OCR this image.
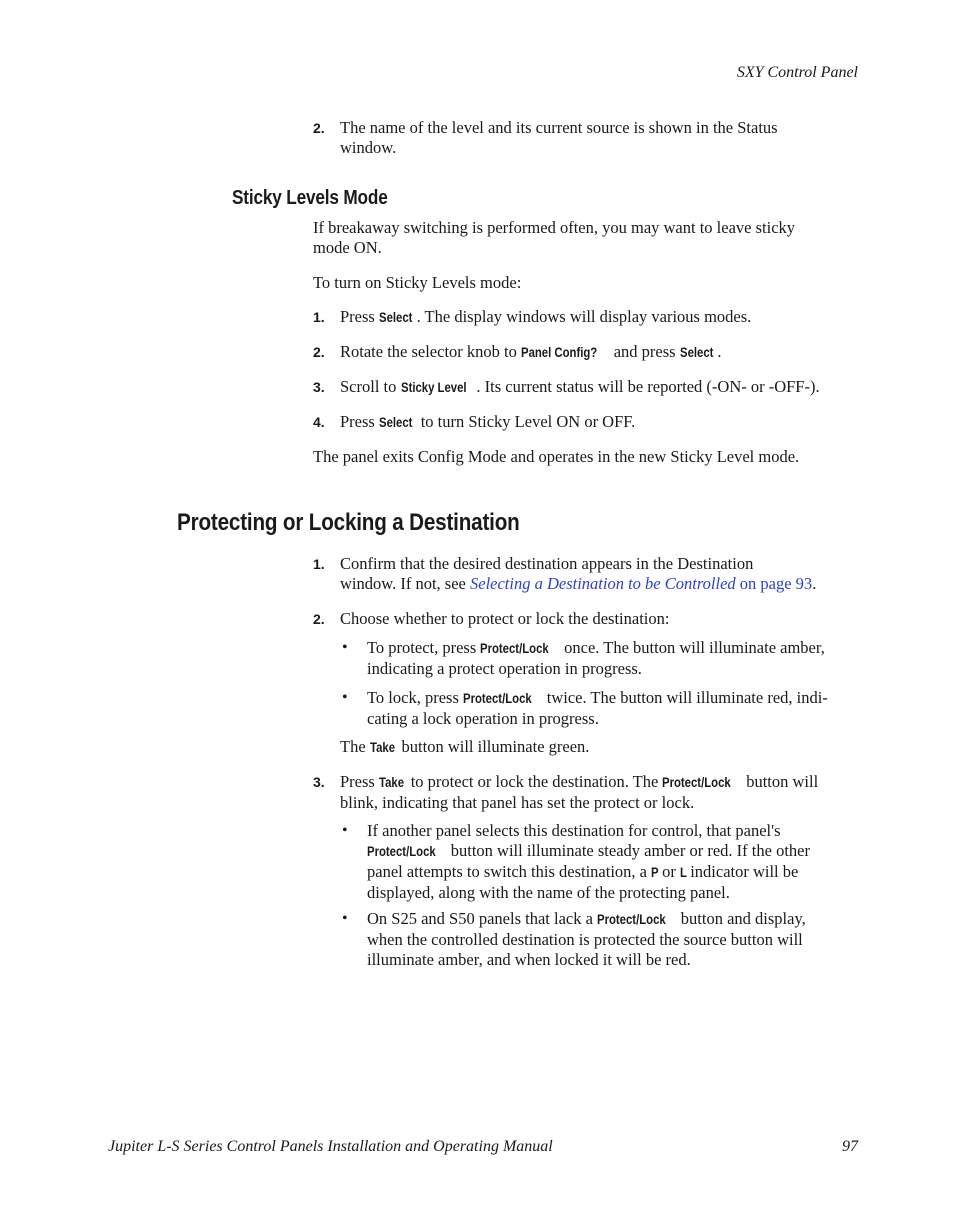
SXY Control Panel
2. The name of the level and its current source is shown in the Status
window.
Sticky Levels Mode
If breakaway switching is performed often, you may want to leave sticky
mode ON.
To turn on Sticky Levels mode:
1. Press Select . The display windows will display various modes.
2. Rotate the selector knob to Panel Config? and press Select .
3. Scroll to Sticky Level . Its current status will be reported (-ON- or -OFF-).
4. Press Select to turn Sticky Level ON or OFF.
The panel exits Config Mode and operates in the new Sticky Level mode.
Protecting or Locking a Destination
1. Confirm that the desired destination appears in the Destination
window. If not, see Selecting a Destination to be Controlled on page 93.
2. Choose whether to protect or lock the destination:
• To protect, press Protect/Lock once. The button will illuminate amber,
indicating a protect operation in progress.
• To lock, press Protect/Lock twice. The button will illuminate red, indi-
cating a lock operation in progress.
The Take button will illuminate green.
3. Press Take to protect or lock the destination. The Protect/Lock button will
blink, indicating that panel has set the protect or lock.
• If another panel selects this destination for control, that panel's
Protect/Lock button will illuminate steady amber or red. If the other
panel attempts to switch this destination, a P or L indicator will be
displayed, along with the name of the protecting panel.
• On S25 and S50 panels that lack a Protect/Lock button and display,
when the controlled destination is protected the source button will
illuminate amber, and when locked it will be red.
Jupiter L-S Series Control Panels Installation and Operating Manual	97
